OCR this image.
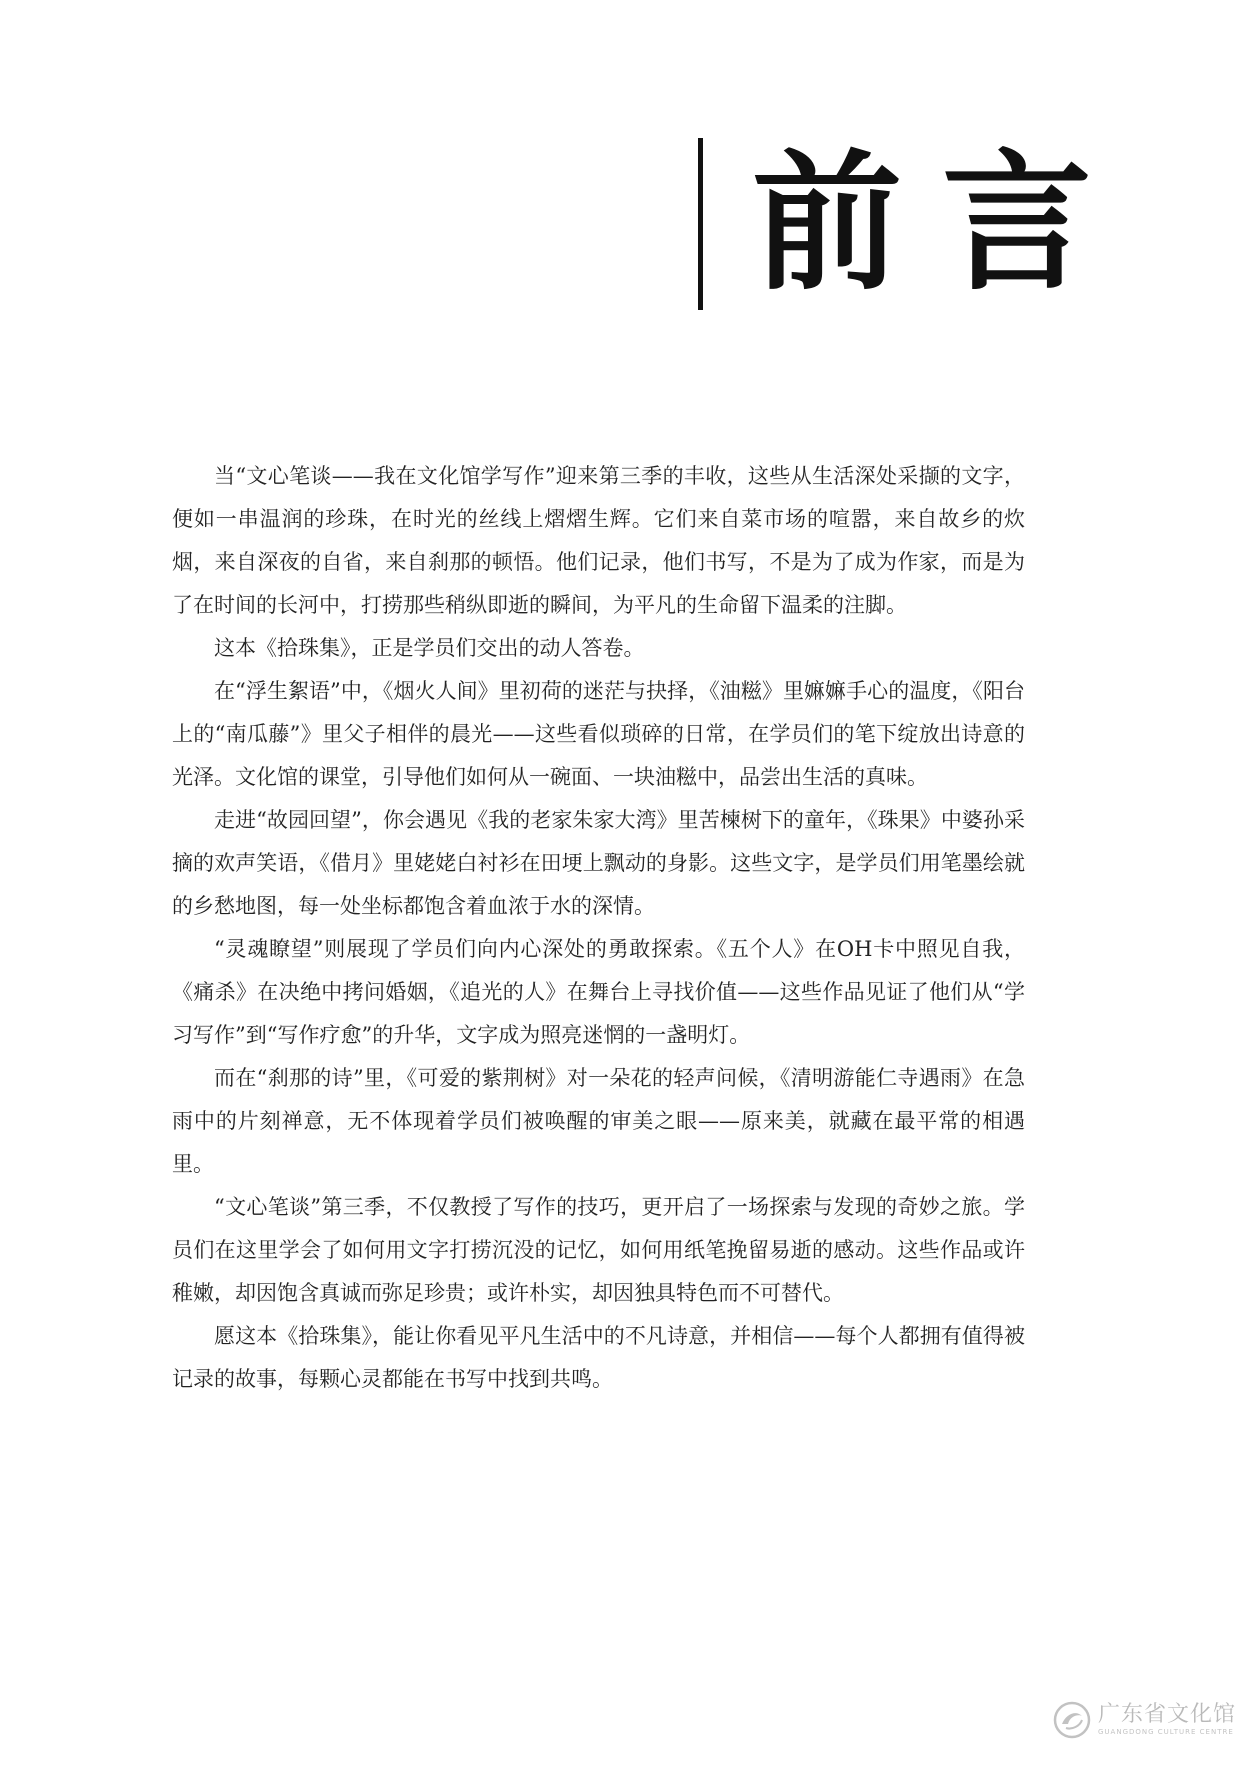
前言

当“文心笔谈——我在文化馆学写作”迎来第三季的丰收，这些从生活深处采撷的文字，便如一串温润的珍珠，在时光的丝线上熠熠生辉。它们来自菜市场的喧嚣，来自故乡的炊烟，来自深夜的自省，来自刹那的顿悟。他们记录，他们书写，不是为了成为作家，而是为了在时间的长河中，打捞那些稍纵即逝的瞬间，为平凡的生命留下温柔的注脚。

这本《拾珠集》，正是学员们交出的动人答卷。

在“浮生絮语”中，《烟火人间》里初荷的迷茫与抉择，《油糍》里嫲嫲手心的温度，《阳台上的“南瓜藤”》里父子相伴的晨光——这些看似琐碎的日常，在学员们的笔下绽放出诗意的光泽。文化馆的课堂，引导他们如何从一碗面、一块油糍中，品尝出生活的真味。

走进“故园回望”，你会遇见《我的老家朱家大湾》里苦楝树下的童年，《珠果》中婆孙采摘的欢声笑语，《借月》里姥姥白衬衫在田埂上飘动的身影。这些文字，是学员们用笔墨绘就的乡愁地图，每一处坐标都饱含着血浓于水的深情。

“灵魂瞭望”则展现了学员们向内心深处的勇敢探索。《五个人》在OH卡中照见自我，《痛杀》在决绝中拷问婚姻，《追光的人》在舞台上寻找价值——这些作品见证了他们从“学习写作”到“写作疗愈”的升华，文字成为照亮迷惘的一盏明灯。

而在“刹那的诗”里，《可爱的紫荆树》对一朵花的轻声问候，《清明游能仁寺遇雨》在急雨中的片刻禅意，无不体现着学员们被唤醒的审美之眼——原来美，就藏在最平常的相遇里。

“文心笔谈”第三季，不仅教授了写作的技巧，更开启了一场探索与发现的奇妙之旅。学员们在这里学会了如何用文字打捞沉没的记忆，如何用纸笔挽留易逝的感动。这些作品或许稚嫩，却因饱含真诚而弥足珍贵；或许朴实，却因独具特色而不可替代。

愿这本《拾珠集》，能让你看见平凡生活中的不凡诗意，并相信——每个人都拥有值得被记录的故事，每颗心灵都能在书写中找到共鸣。

广东省文化馆
GUANGDONG CULTURE CENTRE
